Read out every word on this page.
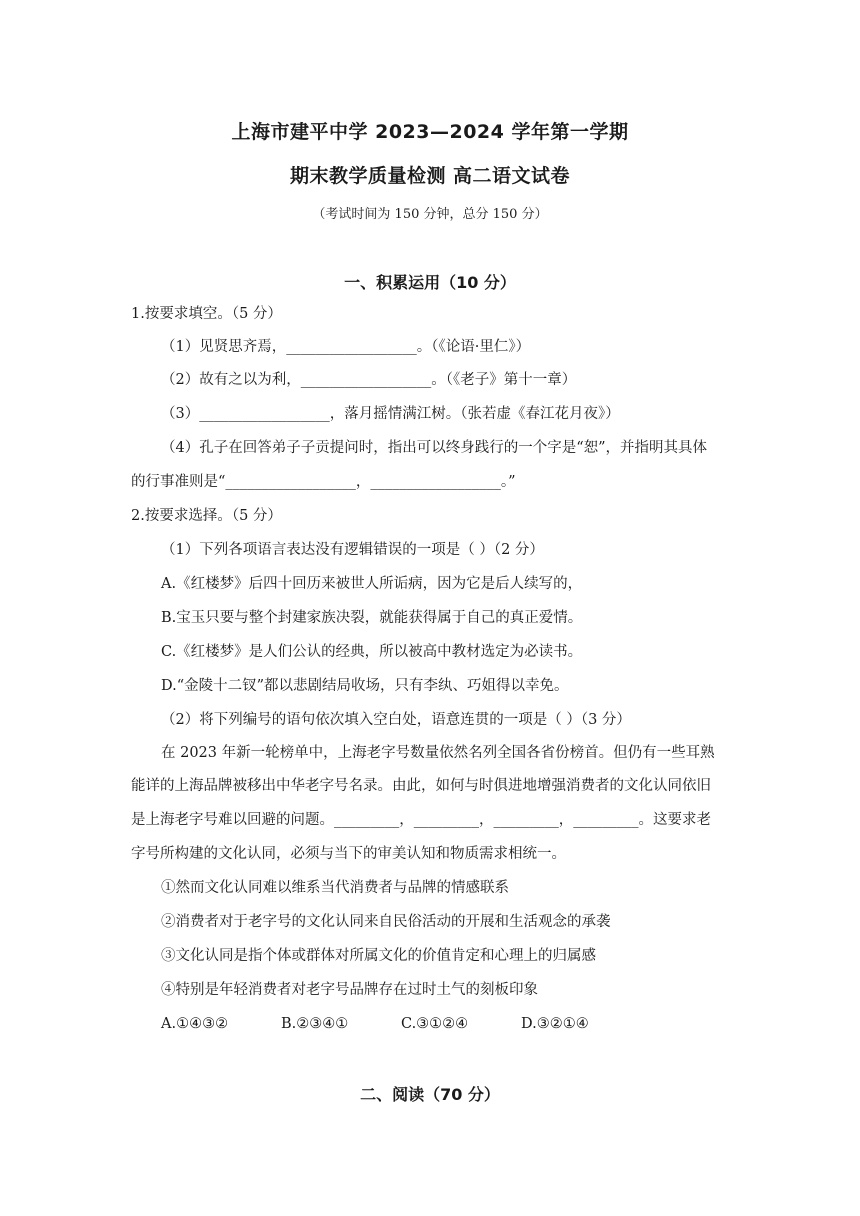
上海市建平中学 2023—2024 学年第一学期
期末教学质量检测 高二语文试卷
（考试时间为 150 分钟，总分 150 分）
一、积累运用（10 分）
1.按要求填空。（5 分）
（1）见贤思齐焉，__________________。（《论语·里仁》）
（2）故有之以为利，__________________。（《老子》第十一章）
（3）__________________，落月摇情满江树。（张若虚《春江花月夜》）
（4）孔子在回答弟子子贡提问时，指出可以终身践行的一个字是“恕”，并指明其具体
的行事准则是“__________________，__________________。”
2.按要求选择。（5 分）
（1）下列各项语言表达没有逻辑错误的一项是（ ）（2 分）
A.《红楼梦》后四十回历来被世人所诟病，因为它是后人续写的，
B.宝玉只要与整个封建家族决裂，就能获得属于自己的真正爱情。
C.《红楼梦》是人们公认的经典，所以被高中教材选定为必读书。
D.“金陵十二钗”都以悲剧结局收场，只有李纨、巧姐得以幸免。
（2）将下列编号的语句依次填入空白处，语意连贯的一项是（ ）（3 分）
在 2023 年新一轮榜单中，上海老字号数量依然名列全国各省份榜首。但仍有一些耳熟
能详的上海品牌被移出中华老字号名录。由此，如何与时俱进地增强消费者的文化认同依旧
是上海老字号难以回避的问题。_________，_________，_________，_________。这要求老
字号所构建的文化认同，必须与当下的审美认知和物质需求相统一。
①然而文化认同难以维系当代消费者与品牌的情感联系
②消费者对于老字号的文化认同来自民俗活动的开展和生活观念的承袭
③文化认同是指个体或群体对所属文化的价值肯定和心理上的归属感
④特别是年轻消费者对老字号品牌存在过时土气的刻板印象
A.①④③②	B.②③④①	C.③①②④	D.③②①④
二、阅读（70 分）
